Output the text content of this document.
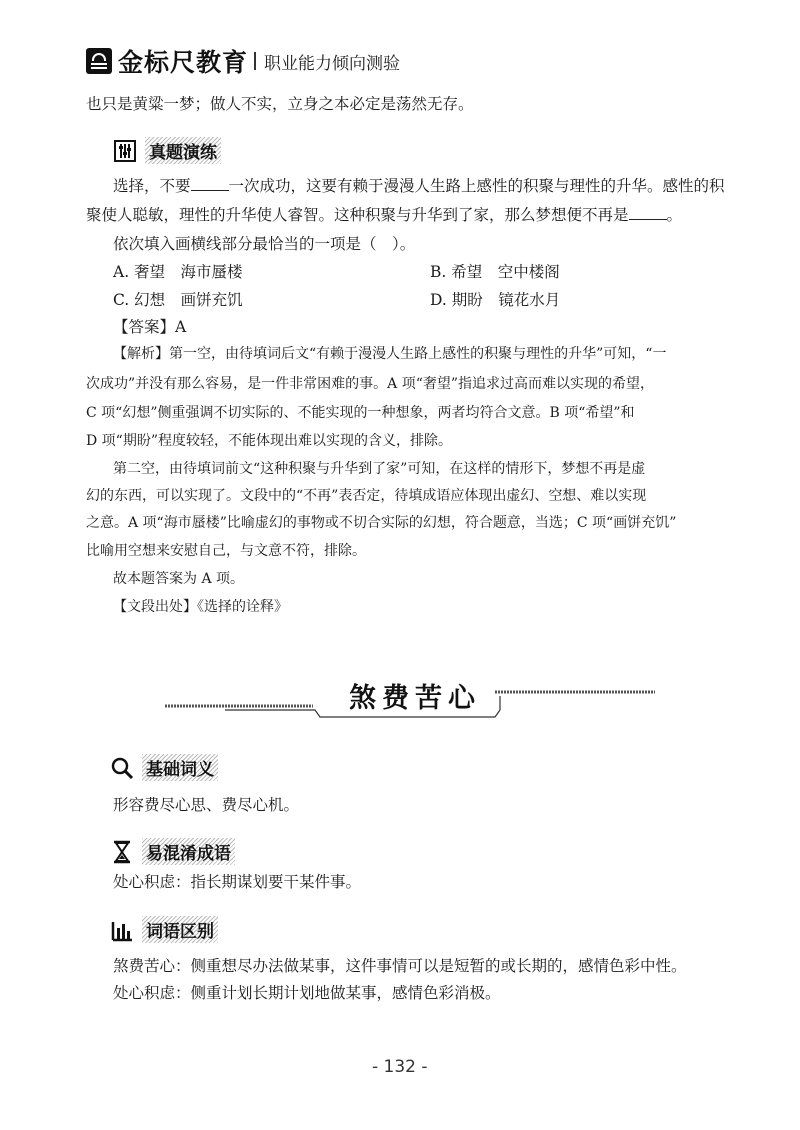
金标尺教育 职业能力倾向测验
也只是黄粱一梦；做人不实，立身之本必定是荡然无存。
真题演练
选择，不要 一次成功，这要有赖于漫漫人生路上感性的积聚与理性的升华。感性的积
聚使人聪敏，理性的升华使人睿智。这种积聚与升华到了家，那么梦想便不再是 。
依次填入画横线部分最恰当的一项是（　）。
A. 奢望　海市蜃楼	B. 希望　空中楼阁
C. 幻想　画饼充饥	D. 期盼　镜花水月
【答案】A
【解析】第一空，由待填词后文“有赖于漫漫人生路上感性的积聚与理性的升华”可知，“一
次成功”并没有那么容易，是一件非常困难的事。A 项“奢望”指追求过高而难以实现的希望，
C 项“幻想”侧重强调不切实际的、不能实现的一种想象，两者均符合文意。B 项“希望”和
D 项“期盼”程度较轻，不能体现出难以实现的含义，排除。
第二空，由待填词前文“这种积聚与升华到了家”可知，在这样的情形下，梦想不再是虚
幻的东西，可以实现了。文段中的“不再”表否定，待填成语应体现出虚幻、空想、难以实现
之意。A 项“海市蜃楼”比喻虚幻的事物或不切合实际的幻想，符合题意，当选；C 项“画饼充饥”
比喻用空想来安慰自己，与文意不符，排除。
故本题答案为 A 项。
【文段出处】《选择的诠释》
煞费苦心
基础词义
形容费尽心思、费尽心机。
易混淆成语
处心积虑：指长期谋划要干某件事。
词语区别
煞费苦心：侧重想尽办法做某事，这件事情可以是短暂的或长期的，感情色彩中性。
处心积虑：侧重计划长期计划地做某事，感情色彩消极。
- 132 -
